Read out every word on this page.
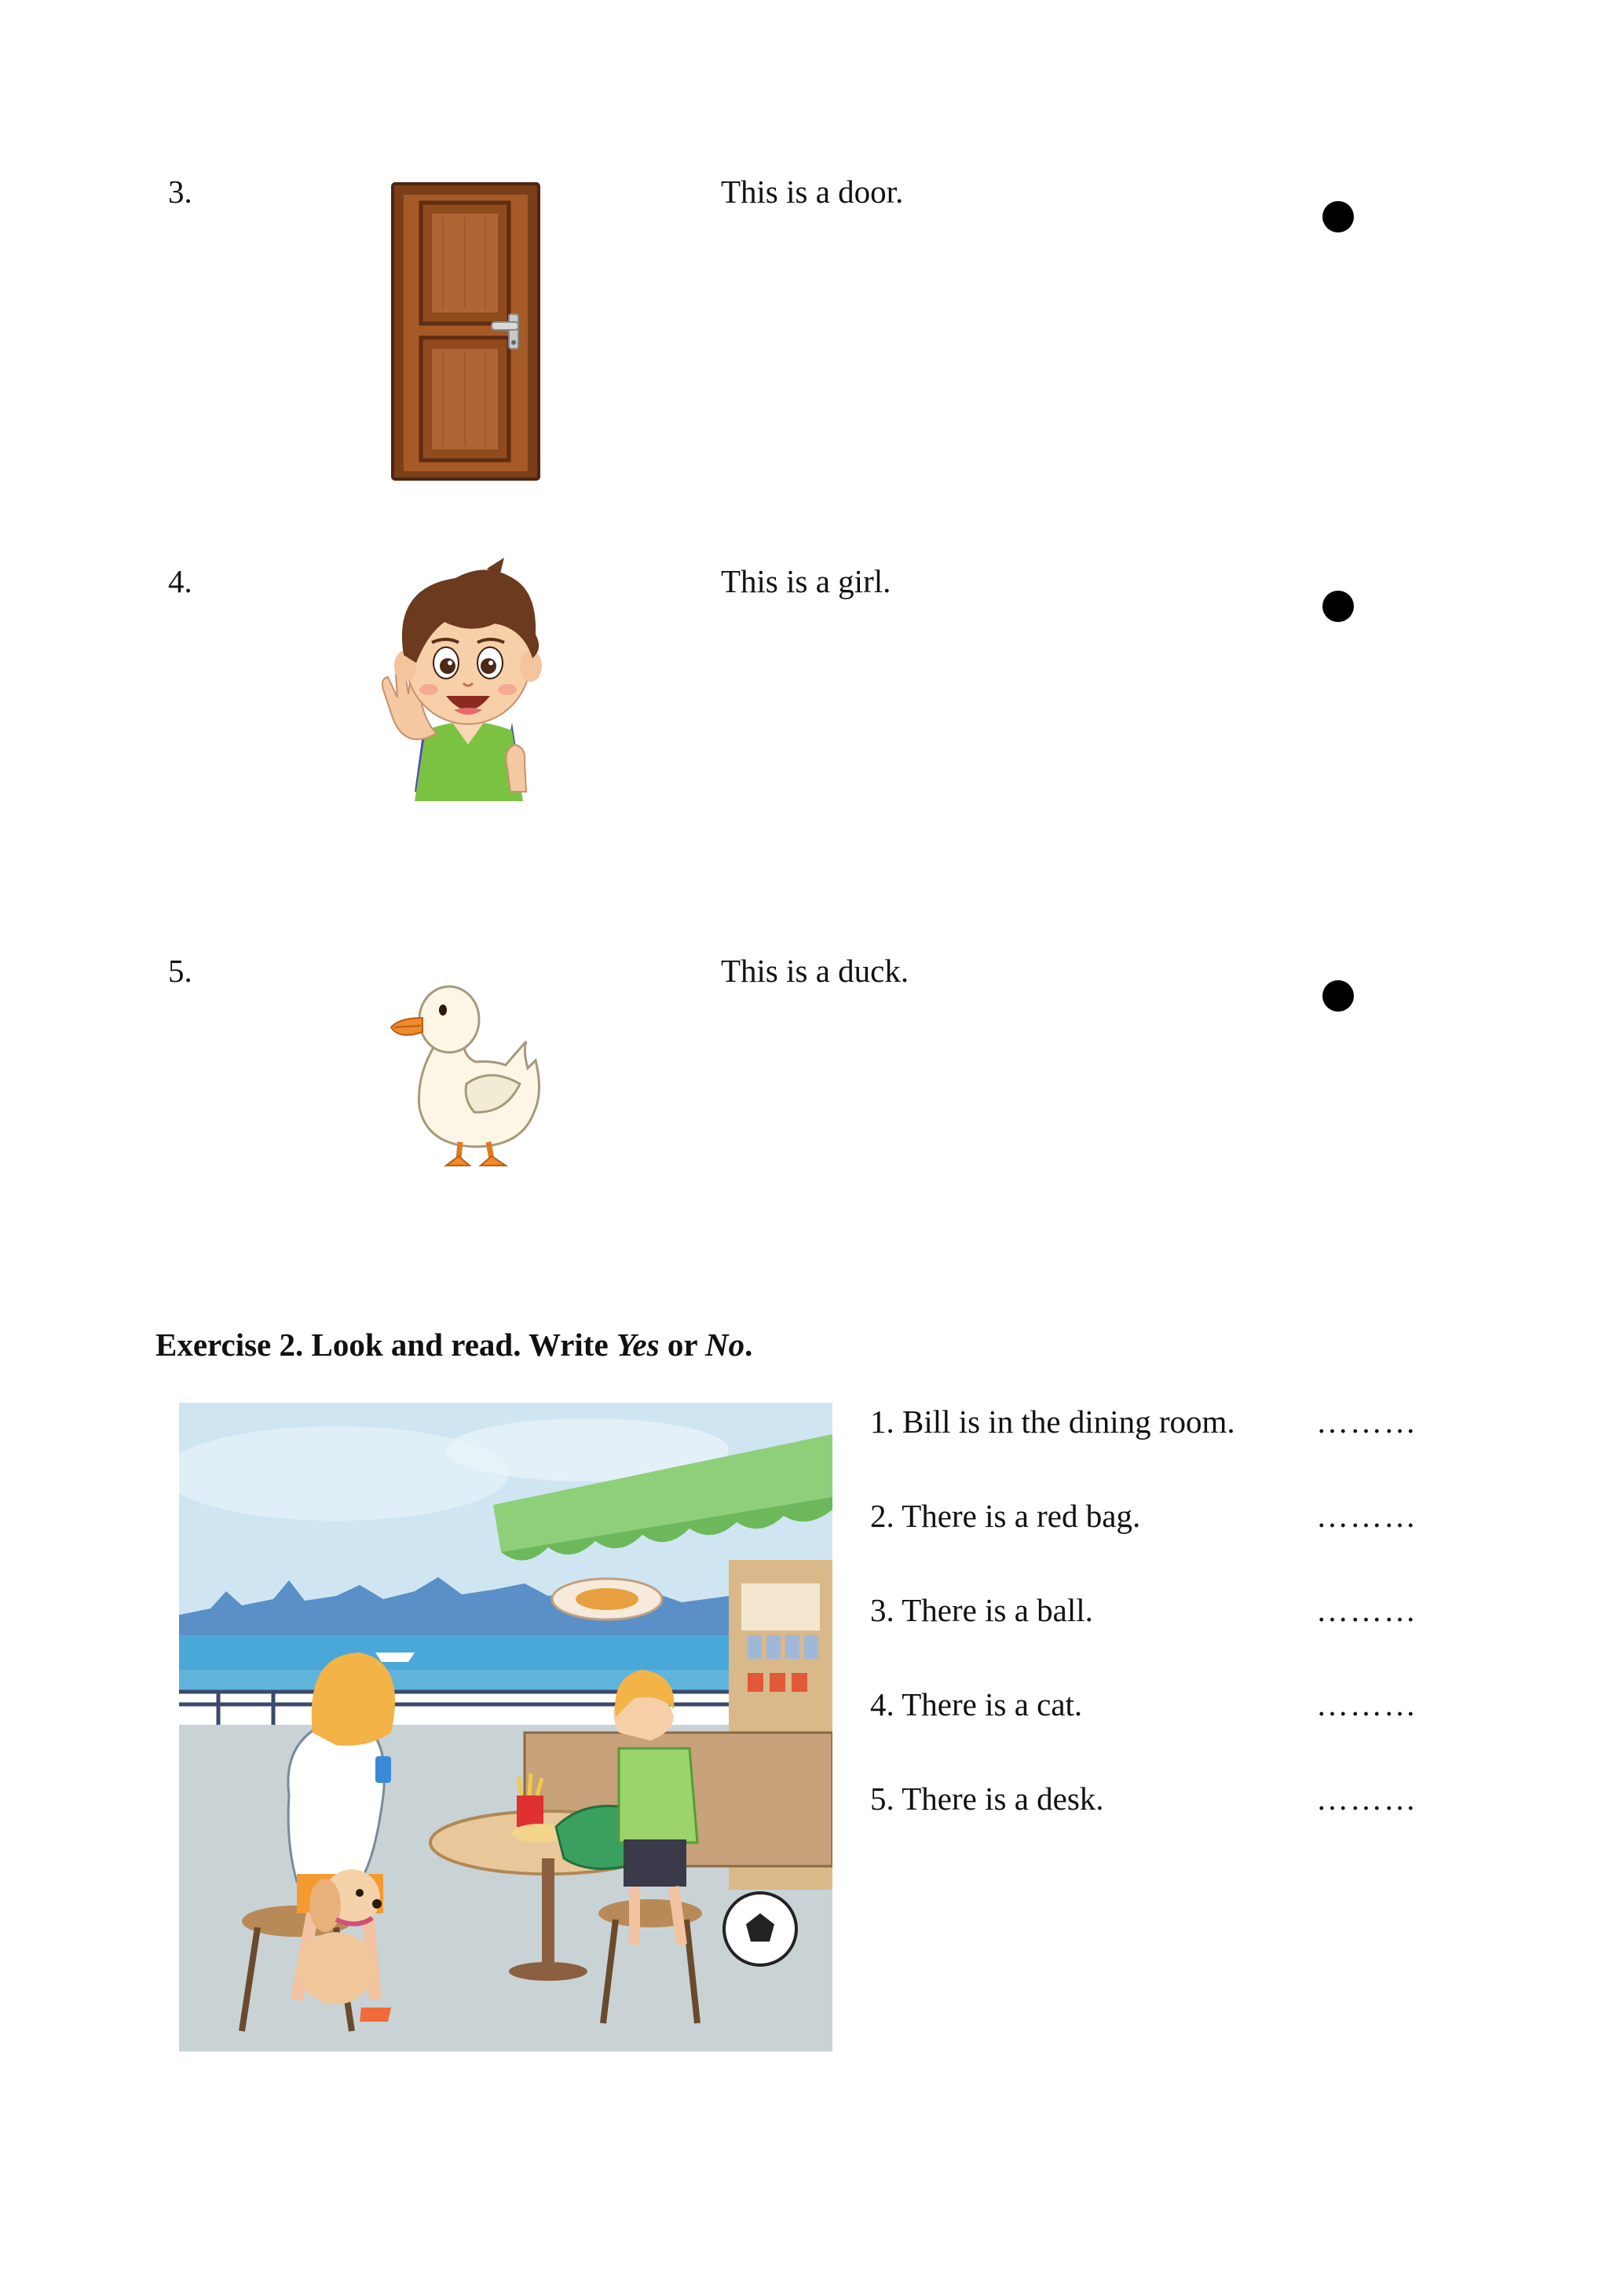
3.	This is a door.
4.	This is a girl.
5.	This is a duck.
Exercise 2. Look and read. Write Yes or No.
1. Bill is in the dining room.	………
2. There is a red bag.	………
3. There is a ball.	………
4. There is a cat.	………
5. There is a desk.	………
